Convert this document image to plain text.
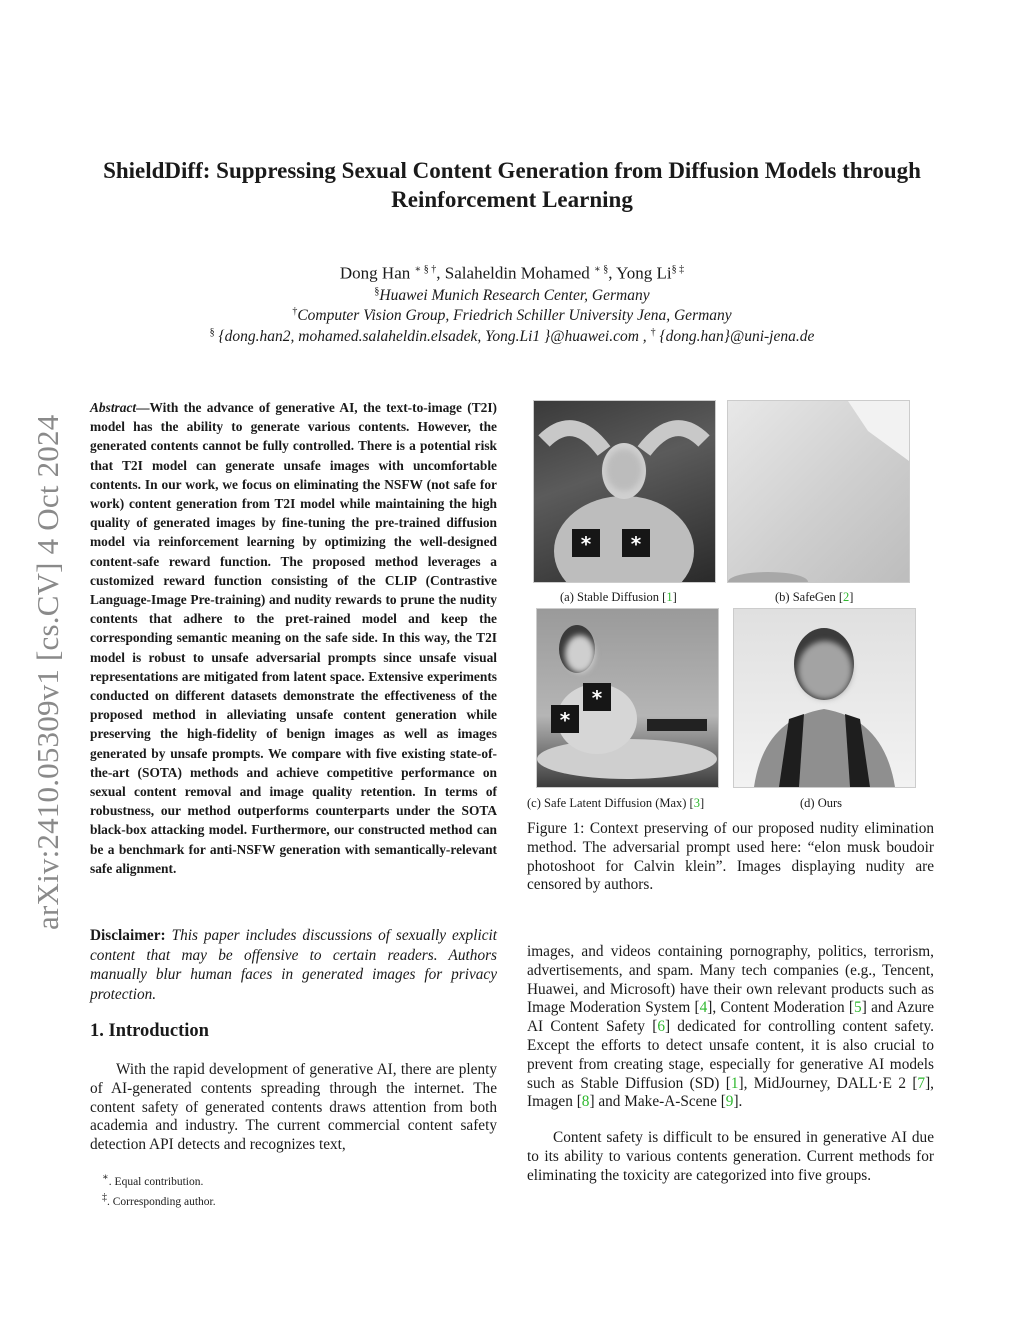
arXiv:2410.05309v1 [cs.CV] 4 Oct 2024
ShieldDiff: Suppressing Sexual Content Generation from Diffusion Models through Reinforcement Learning
Dong Han ∗ § †, Salaheldin Mohamed ∗ §, Yong Li§ ‡
§Huawei Munich Research Center, Germany
†Computer Vision Group, Friedrich Schiller University Jena, Germany
§ {dong.han2, mohamed.salaheldin.elsadek, Yong.Li1 }@huawei.com , † {dong.han}@uni-jena.de
Abstract—With the advance of generative AI, the text-to-image (T2I) model has the ability to generate various contents. However, the generated contents cannot be fully controlled. There is a potential risk that T2I model can generate unsafe images with uncomfortable contents. In our work, we focus on eliminating the NSFW (not safe for work) content generation from T2I model while maintaining the high quality of generated images by fine-tuning the pre-trained diffusion model via reinforcement learning by optimizing the well-designed content-safe reward function. The proposed method leverages a customized reward function consisting of the CLIP (Contrastive Language-Image Pre-training) and nudity rewards to prune the nudity contents that adhere to the pret-rained model and keep the corresponding semantic meaning on the safe side. In this way, the T2I model is robust to unsafe adversarial prompts since unsafe visual representations are mitigated from latent space. Extensive experiments conducted on different datasets demonstrate the effectiveness of the proposed method in alleviating unsafe content generation while preserving the high-fidelity of benign images as well as images generated by unsafe prompts. We compare with five existing state-of-the-art (SOTA) methods and achieve competitive performance on sexual content removal and image quality retention. In terms of robustness, our method outperforms counterparts under the SOTA black-box attacking model. Furthermore, our constructed method can be a benchmark for anti-NSFW generation with semantically-relevant safe alignment.
Disclaimer: This paper includes discussions of sexually explicit content that may be offensive to certain readers. Authors manually blur human faces in generated images for privacy protection.
1. Introduction
With the rapid development of generative AI, there are plenty of AI-generated contents spreading through the internet. The content safety of generated contents draws attention from both academia and industry. The current commercial content safety detection API detects and recognizes text,
∗. Equal contribution.
‡. Corresponding author.
*	*
(a) Stable Diffusion [1]	(b) SafeGen [2]
*
*
(c) Safe Latent Diffusion (Max) [3]	(d) Ours
Figure 1: Context preserving of our proposed nudity elimination method. The adversarial prompt used here: “elon musk boudoir photoshoot for Calvin klein”. Images displaying nudity are censored by authors.
images, and videos containing pornography, politics, terrorism, advertisements, and spam. Many tech companies (e.g., Tencent, Huawei, and Microsoft) have their own relevant products such as Image Moderation System [4], Content Moderation [5] and Azure AI Content Safety [6] dedicated for controlling content safety. Except the efforts to detect unsafe content, it is also crucial to prevent from creating stage, especially for generative AI models such as Stable Diffusion (SD) [1], MidJourney, DALL·E 2 [7], Imagen [8] and Make-A-Scene [9].
Content safety is difficult to be ensured in generative AI due to its ability to various contents generation. Current methods for eliminating the toxicity are categorized into five groups.
